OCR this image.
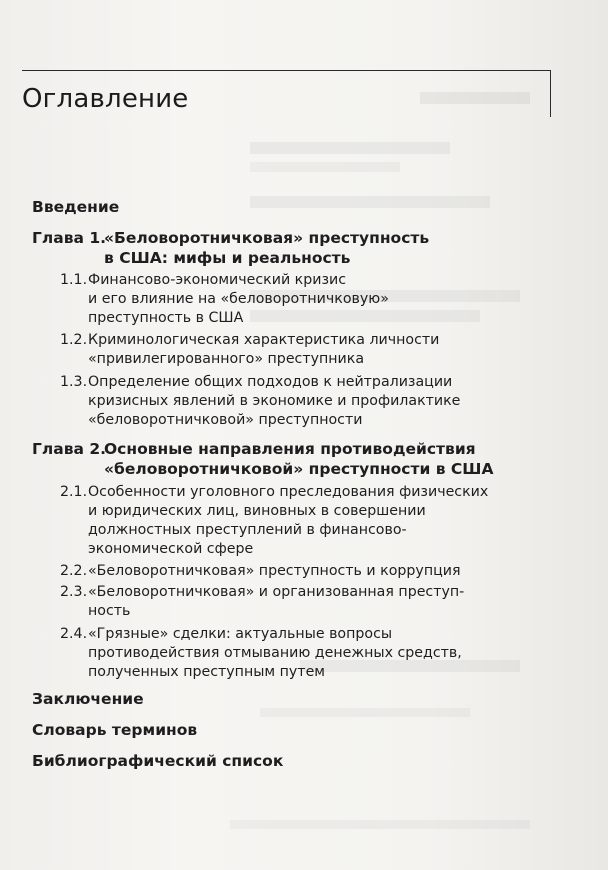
Оглавление
Введение
Глава 1.
«Беловоротничковая» преступность
в США: мифы и реальность
1.1. Финансово-экономический кризис
и его влияние на «беловоротничковую»
преступность в США
1.2. Криминологическая характеристика личности
«привилегированного» преступника
1.3. Определение общих подходов к нейтрализации
кризисных явлений в экономике и профилактике
«беловоротничковой» преступности
Глава 2.
Основные направления противодействия
«беловоротничковой» преступности в США
2.1. Особенности уголовного преследования физических
и юридических лиц, виновных в совершении
должностных преступлений в финансово-
экономической сфере
2.2. «Беловоротничковая» преступность и коррупция
2.3. «Беловоротничковая» и организованная преступ-
ность
2.4. «Грязные» сделки: актуальные вопросы
противодействия отмыванию денежных средств,
полученных преступным путем
Заключение
Словарь терминов
Библиографический список
